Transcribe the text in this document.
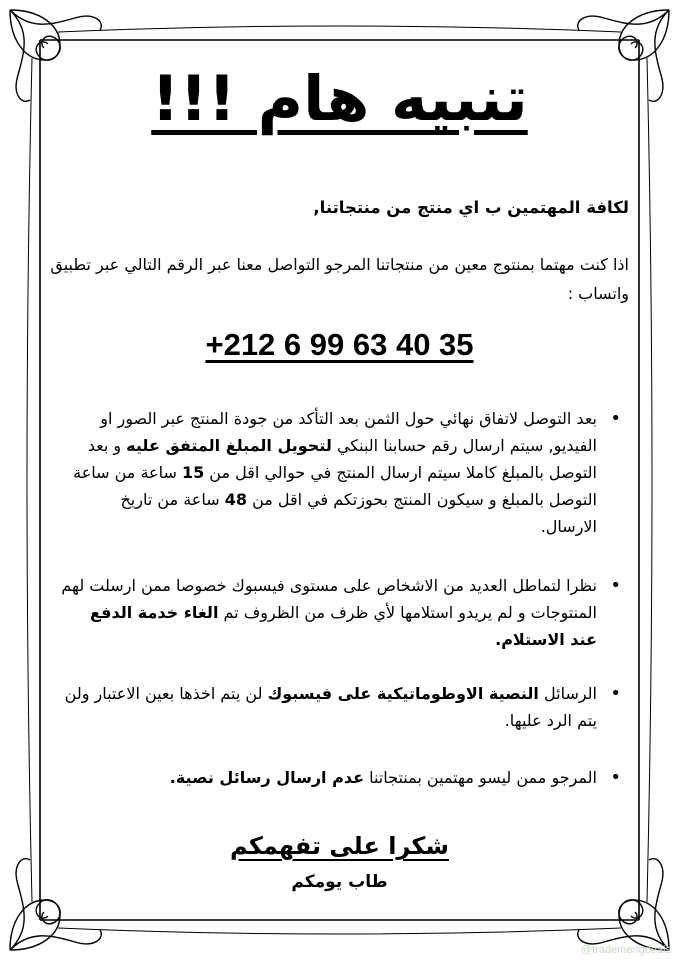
تنبيه هام !!!
لكافة المهتمين ب اي منتج من منتجاتنا,
اذا كنت مهتما بمنتوج معين من منتجاتنا المرجو التواصل معنا عبر الرقم التالي عبر تطبيق واتساب :
+212 6 99 63 40 35
•
بعد التوصل لاتفاق نهائي حول الثمن بعد التأكد من جودة المنتج عبر الصور او الفيديو, سيتم ارسال رقم حسابنا البنكي لتحويل المبلغ المتفق عليه و بعد التوصل بالمبلغ كاملا سيتم ارسال المنتج في حوالي اقل من 15 ساعة من ساعة التوصل بالمبلغ و سيكون المنتج بحوزتكم في اقل من 48 ساعة من تاريخ الارسال.
•
نظرا لتماطل العديد من الاشخاص على مستوى فيسبوك خصوصا ممن ارسلت لهم المنتوجات و لم يريدو استلامها لأي ظرف من الظروف تم الغاء خدمة الدفع عند الاستلام.
•
الرسائل النصية الاوطوماتيكية على فيسبوك لن يتم اخذها بعين الاعتبار ولن يتم الرد عليها.
•
المرجو ممن ليسو مهتمين بمنتجاتنا عدم ارسال رسائل نصية.
شكرا على تفهمكم
طاب يومكم
@trademengdeals
